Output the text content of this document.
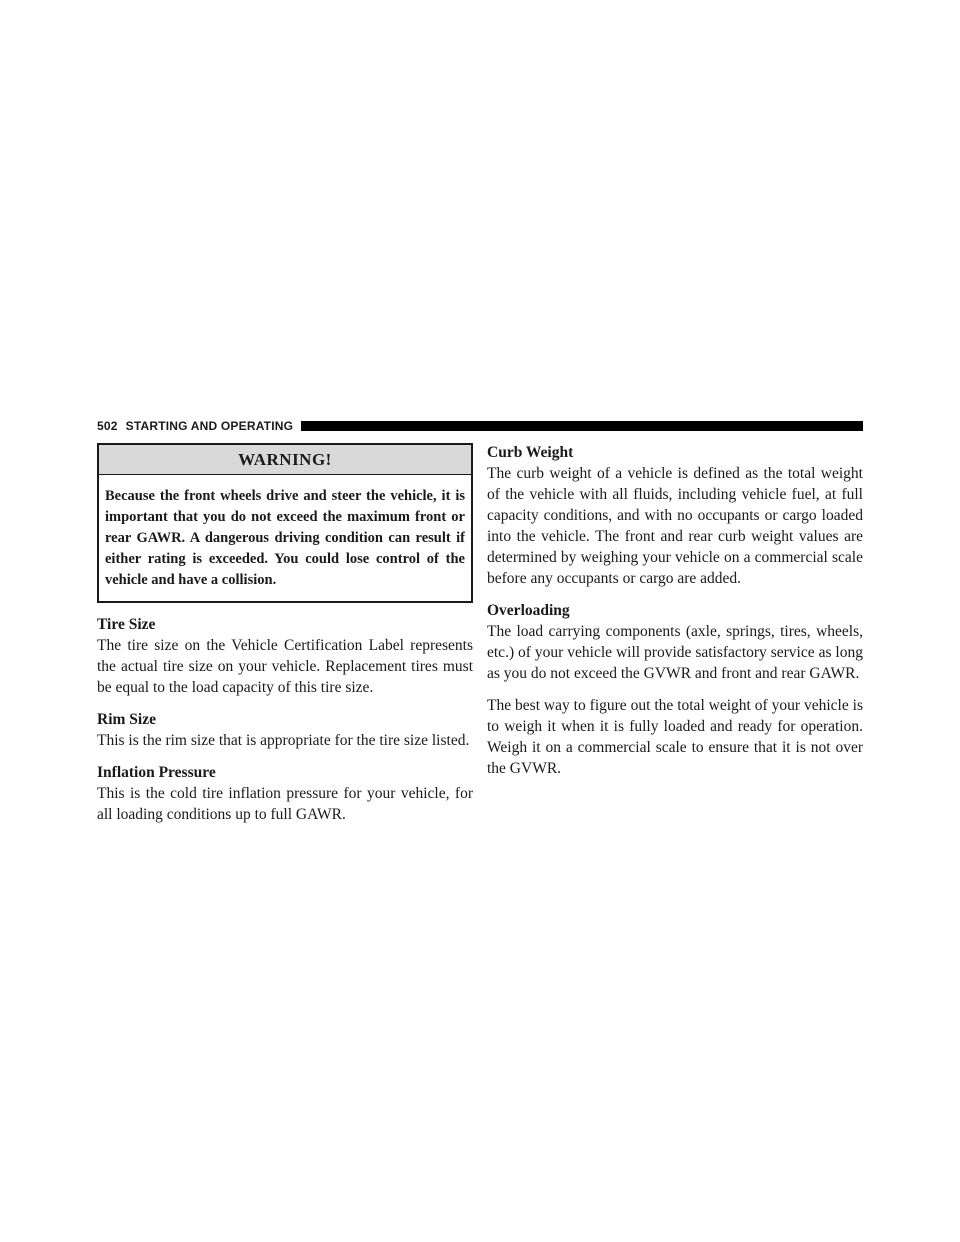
502 STARTING AND OPERATING
WARNING!
Because the front wheels drive and steer the vehicle, it is important that you do not exceed the maximum front or rear GAWR. A dangerous driving condition can result if either rating is exceeded. You could lose control of the vehicle and have a collision.
Tire Size
The tire size on the Vehicle Certification Label represents the actual tire size on your vehicle. Replacement tires must be equal to the load capacity of this tire size.
Rim Size
This is the rim size that is appropriate for the tire size listed.
Inflation Pressure
This is the cold tire inflation pressure for your vehicle, for all loading conditions up to full GAWR.
Curb Weight
The curb weight of a vehicle is defined as the total weight of the vehicle with all fluids, including vehicle fuel, at full capacity conditions, and with no occupants or cargo loaded into the vehicle. The front and rear curb weight values are determined by weighing your vehicle on a commercial scale before any occupants or cargo are added.
Overloading
The load carrying components (axle, springs, tires, wheels, etc.) of your vehicle will provide satisfactory service as long as you do not exceed the GVWR and front and rear GAWR.
The best way to figure out the total weight of your vehicle is to weigh it when it is fully loaded and ready for operation. Weigh it on a commercial scale to ensure that it is not over the GVWR.
